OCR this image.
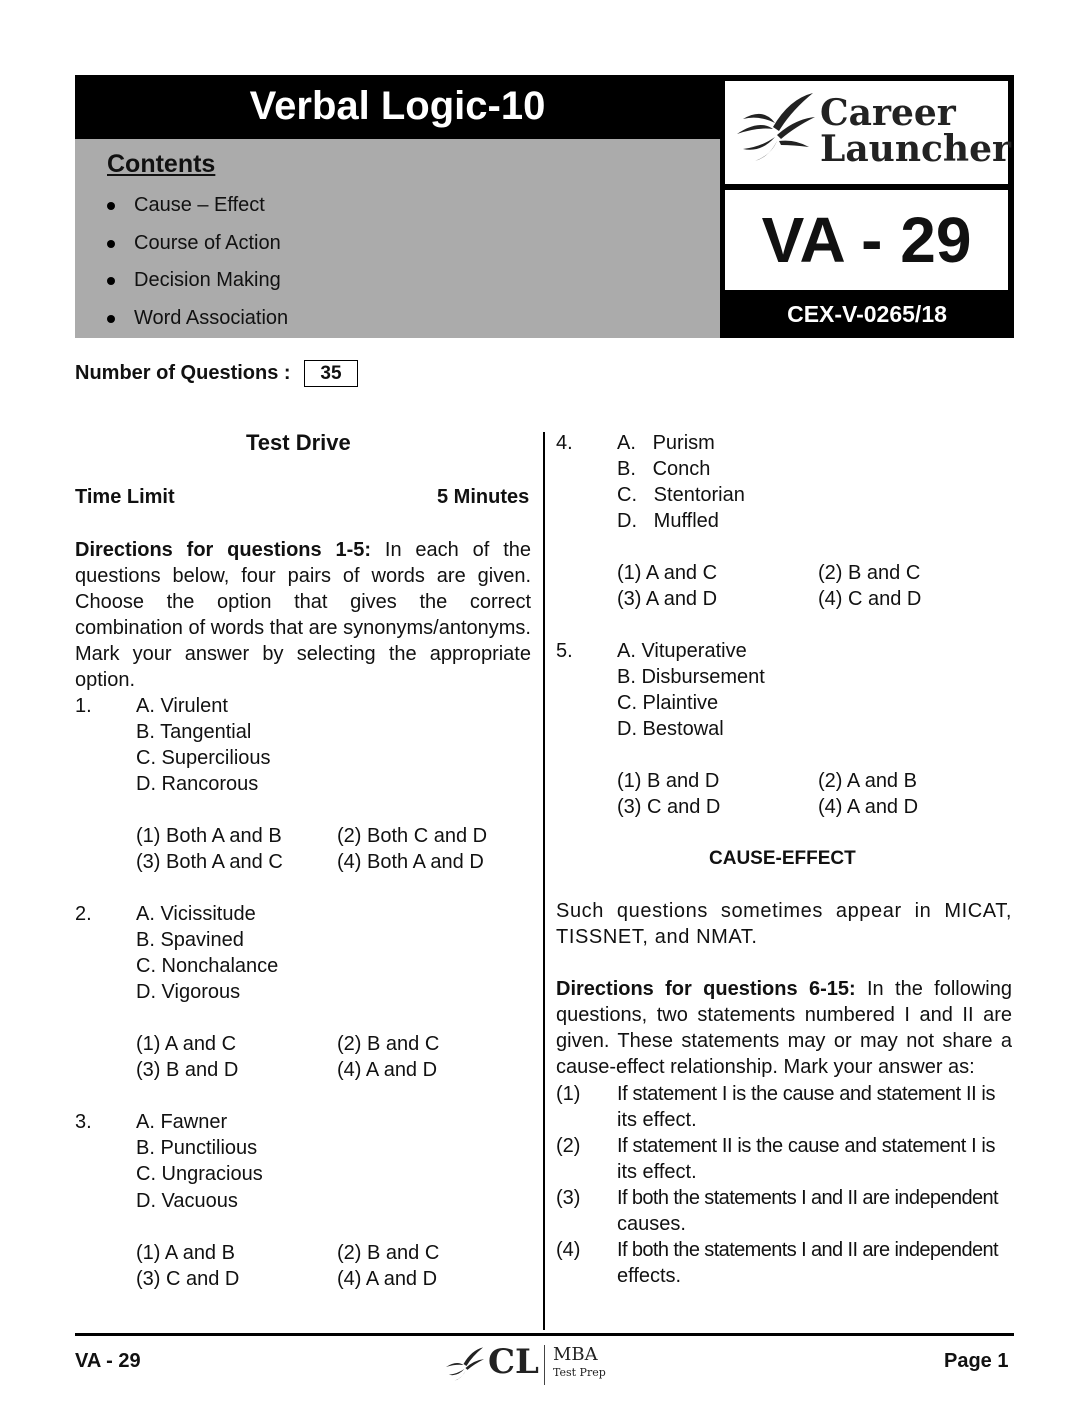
Verbal Logic-10
Contents
Cause – Effect
Course of Action
Decision Making
Word Association
Career
Launcher
VA - 29
CEX-V-0265/18
Number of Questions :	35
Test Drive
Time Limit	5 Minutes

Directions for questions 1-5: In each of the questions below, four pairs of words are given. Choose the option that gives the correct combination of words that are synonyms/antonyms. Mark your answer by selecting the appropriate option.

1. A. Virulent
B. Tangential
C. Supercilious
D. Rancorous
(1) Both A and B	(2) Both C and D
(3) Both A and C	(4) Both A and D
2. A. Vicissitude
B. Spavined
C. Nonchalance
D. Vigorous
(1) A and C	(2) B and C
(3) B and D	(4) A and D
3. A. Fawner
B. Punctilious
C. Ungracious
D. Vacuous
(1) A and B	(2) B and C
(3) C and D	(4) A and D
4. A.   Purism
B.   Conch
C.   Stentorian
D.   Muffled
(1) A and C	(2) B and C
(3) A and D	(4) C and D
5. A. Vituperative
B. Disbursement
C. Plaintive
D. Bestowal
(1) B and D	(2) A and B
(3) C and D	(4) A and D
CAUSE-EFFECT
Such questions sometimes appear in MICAT, TISSNET, and NMAT.

Directions for questions 6-15: In the following questions, two statements numbered I and II are given. These statements may or may not share a cause-effect relationship. Mark your answer as:

(1) If statement I is the cause and statement II is
its effect.
(2) If statement II is the cause and statement I is
its effect.
(3) If both the statements I and II are independent
causes.
(4) If both the statements I and II are independent
effects.
VA - 29	CL MBA
Test Prep
Page 1
